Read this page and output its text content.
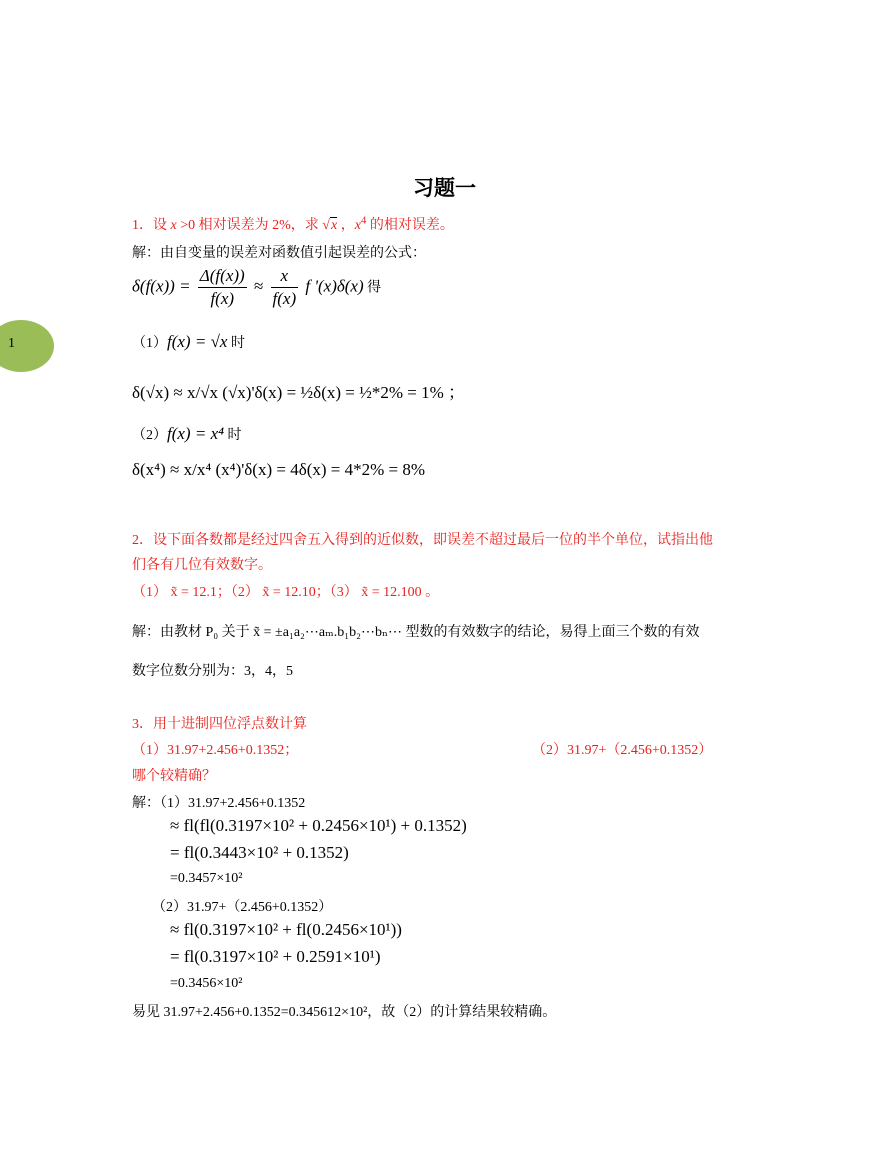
1
习题一
1．设 x >0 相对误差为 2%，求 √x ，$x^4$ 的相对误差。
解：由自变量的误差对函数值引起误差的公式：
$\delta(f(x)) = \frac{\Delta(f(x))}{f(x)} \approx \frac{x}{f(x)}$ f '(x)δ(x) 得
（1）f(x) = √x 时
δ(√x) ≈ x/√x (√x)'δ(x) = ½δ(x) = ½*2% = 1% ；
（2）f(x) = x⁴ 时
δ(x⁴) ≈ x/x⁴ (x⁴)'δ(x) = 4δ(x) = 4*2% = 8%
2．设下面各数都是经过四舍五入得到的近似数，即误差不超过最后一位的半个单位，试指出他
们各有几位有效数字。
（1） x̃ = 12.1；（2） x̃ = 12.10；（3） x̃ = 12.100 。
解：由教材 P₀ 关于 x̃ = ±a₁a₂⋯aₘ.b₁b₂⋯bₙ⋯ 型数的有效数字的结论，易得上面三个数的有效
数字位数分别为：3，4，5
3．用十进制四位浮点数计算
（1）31.97+2.456+0.1352；	（2）31.97+（2.456+0.1352）
哪个较精确？
解：（1）31.97+2.456+0.1352
≈ fl(fl(0.3197×10² + 0.2456×10¹) + 0.1352)
= fl(0.3443×10² + 0.1352)
=0.3457×10²
（2）31.97+（2.456+0.1352）
≈ fl(0.3197×10² + fl(0.2456×10¹))
= fl(0.3197×10² + 0.2591×10¹)
=0.3456×10²
易见 31.97+2.456+0.1352=0.345612×10²，故（2）的计算结果较精确。
